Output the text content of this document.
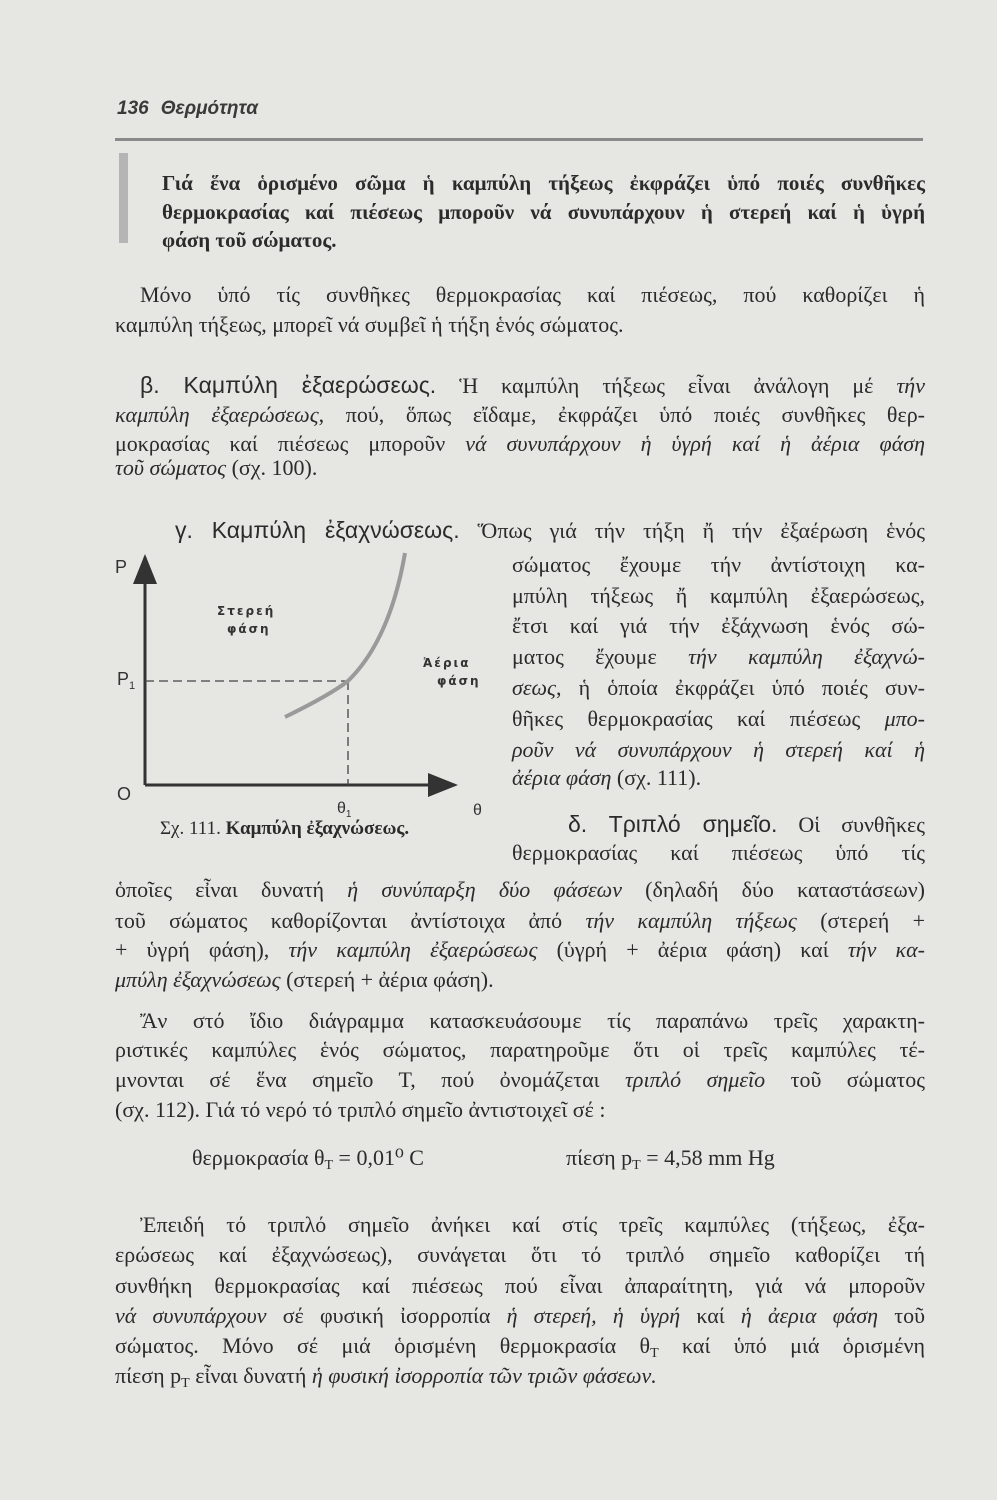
136 Θερμότητα
Γιά ἕνα ὁρισμένο σῶμα ἡ καμπύλη τήξεως ἐκφράζει ὑπό ποιές συνθῆκες
θερμοκρασίας καί πιέσεως μποροῦν νά συνυπάρχουν ἡ στερεή καί ἡ ὑγρή
φάση τοῦ σώματος.
Μόνο ὑπό τίς συνθῆκες θερμοκρασίας καί πιέσεως, πού καθορίζει ἡ
καμπύλη τήξεως, μπορεῖ νά συμβεῖ ἡ τήξη ἑνός σώματος.
β. Καμπύλη ἐξαερώσεως. Ἡ καμπύλη τήξεως εἶναι ἀνάλογη μέ τήν
καμπύλη ἐξαερώσεως, πού, ὅπως εἴδαμε, ἐκφράζει ὑπό ποιές συνθῆκες θερ-
μοκρασίας καί πιέσεως μποροῦν νά συνυπάρχουν ἡ ὑγρή καί ἡ ἀέρια φάση
τοῦ σώματος (σχ. 100).
γ. Καμπύλη ἐξαχνώσεως. Ὅπως γιά τήν τήξη ἤ τήν ἐξαέρωση ἑνός
σώματος ἔχουμε τήν ἀντίστοιχη κα-
μπύλη τήξεως ἤ καμπύλη ἐξαερώσεως,
ἔτσι καί γιά τήν ἐξάχνωση ἑνός σώ-
ματος ἔχουμε τήν καμπύλη ἐξαχνώ-
σεως, ἡ ὁποία ἐκφράζει ὑπό ποιές συν-
θῆκες θερμοκρασίας καί πιέσεως μπο-
ροῦν νά συνυπάρχουν ἡ στερεή καί ἡ
ἀέρια φάση (σχ. 111).
δ. Τριπλό σημεῖο. Οἱ συνθῆκες
θερμοκρασίας καί πιέσεως ὑπό τίς
ὁποῖες εἶναι δυνατή ἡ συνύπαρξη δύο φάσεων (δηλαδή δύο καταστάσεων)
τοῦ σώματος καθορίζονται ἀντίστοιχα ἀπό τήν καμπύλη τήξεως (στερεή +
+ ὑγρή φάση), τήν καμπύλη ἐξαερώσεως (ὑγρή + ἀέρια φάση) καί τήν κα-
μπύλη ἐξαχνώσεως (στερεή + ἀέρια φάση).
Ἄν στό ἴδιο διάγραμμα κατασκευάσουμε τίς παραπάνω τρεῖς χαρακτη-
ριστικές καμπύλες ἑνός σώματος, παρατηροῦμε ὅτι οἱ τρεῖς καμπύλες τέ-
μνονται σέ ἕνα σημεῖο Τ, πού ὀνομάζεται τριπλό σημεῖο τοῦ σώματος
(σχ. 112). Γιά τό νερό τό τριπλό σημεῖο ἀντιστοιχεῖ σέ :
θερμοκρασία $\theta_T = 0,01^0$ C	πίεση $p_T = 4,58$ mm Hg
Ἐπειδή τό τριπλό σημεῖο ἀνήκει καί στίς τρεῖς καμπύλες (τήξεως, ἐξα-
ερώσεως καί ἐξαχνώσεως), συνάγεται ὅτι τό τριπλό σημεῖο καθορίζει τή
συνθήκη θερμοκρασίας καί πιέσεως πού εἶναι ἀπαραίτητη, γιά νά μποροῦν
νά συνυπάρχουν σέ φυσική ἰσορροπία ἡ στερεή, ἡ ὑγρή καί ἡ ἀερια φάση τοῦ
σώματος. Μόνο σέ μιά ὁρισμένη θερμοκρασία $\theta_T$ καί ὑπό μιά ὁρισμένη
πίεση $p_T$ εἶναι δυνατή ἡ φυσική ἰσορροπία τῶν τριῶν φάσεων.
P
$P_1$
O
$\theta_1$	θ
Στερεή
φάση
Ἀέρια
φάση
Σχ. 111. Καμπύλη ἐξαχνώσεως.
